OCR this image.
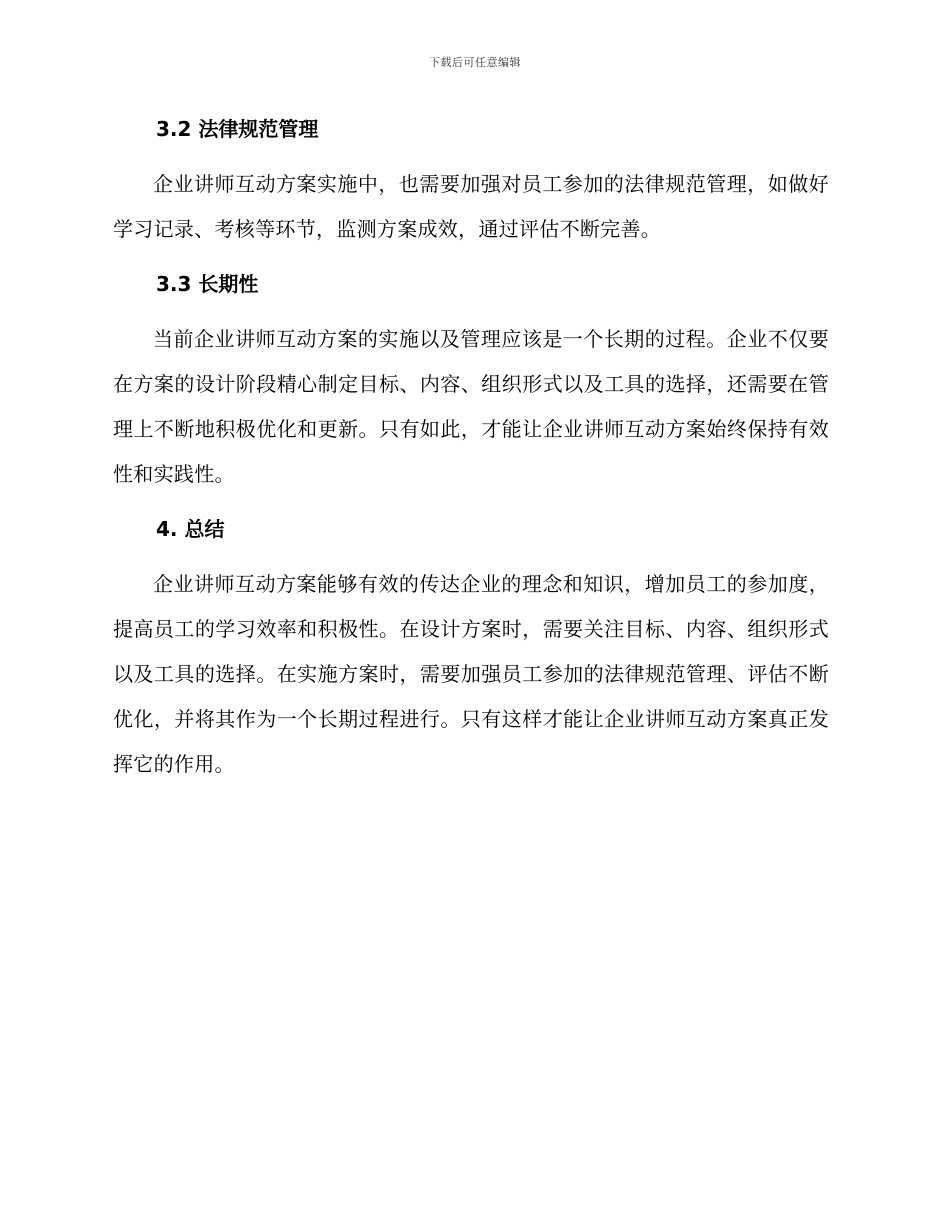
下载后可任意编辑
3.2 法律规范管理

企业讲师互动方案实施中，也需要加强对员工参加的法律规范管理，如做好学习记录、考核等环节，监测方案成效，通过评估不断完善。

3.3 长期性

当前企业讲师互动方案的实施以及管理应该是一个长期的过程。企业不仅要在方案的设计阶段精心制定目标、内容、组织形式以及工具的选择，还需要在管理上不断地积极优化和更新。只有如此，才能让企业讲师互动方案始终保持有效性和实践性。

4. 总结

企业讲师互动方案能够有效的传达企业的理念和知识，增加员工的参加度，提高员工的学习效率和积极性。在设计方案时，需要关注目标、内容、组织形式以及工具的选择。在实施方案时，需要加强员工参加的法律规范管理、评估不断优化，并将其作为一个长期过程进行。只有这样才能让企业讲师互动方案真正发挥它的作用。
